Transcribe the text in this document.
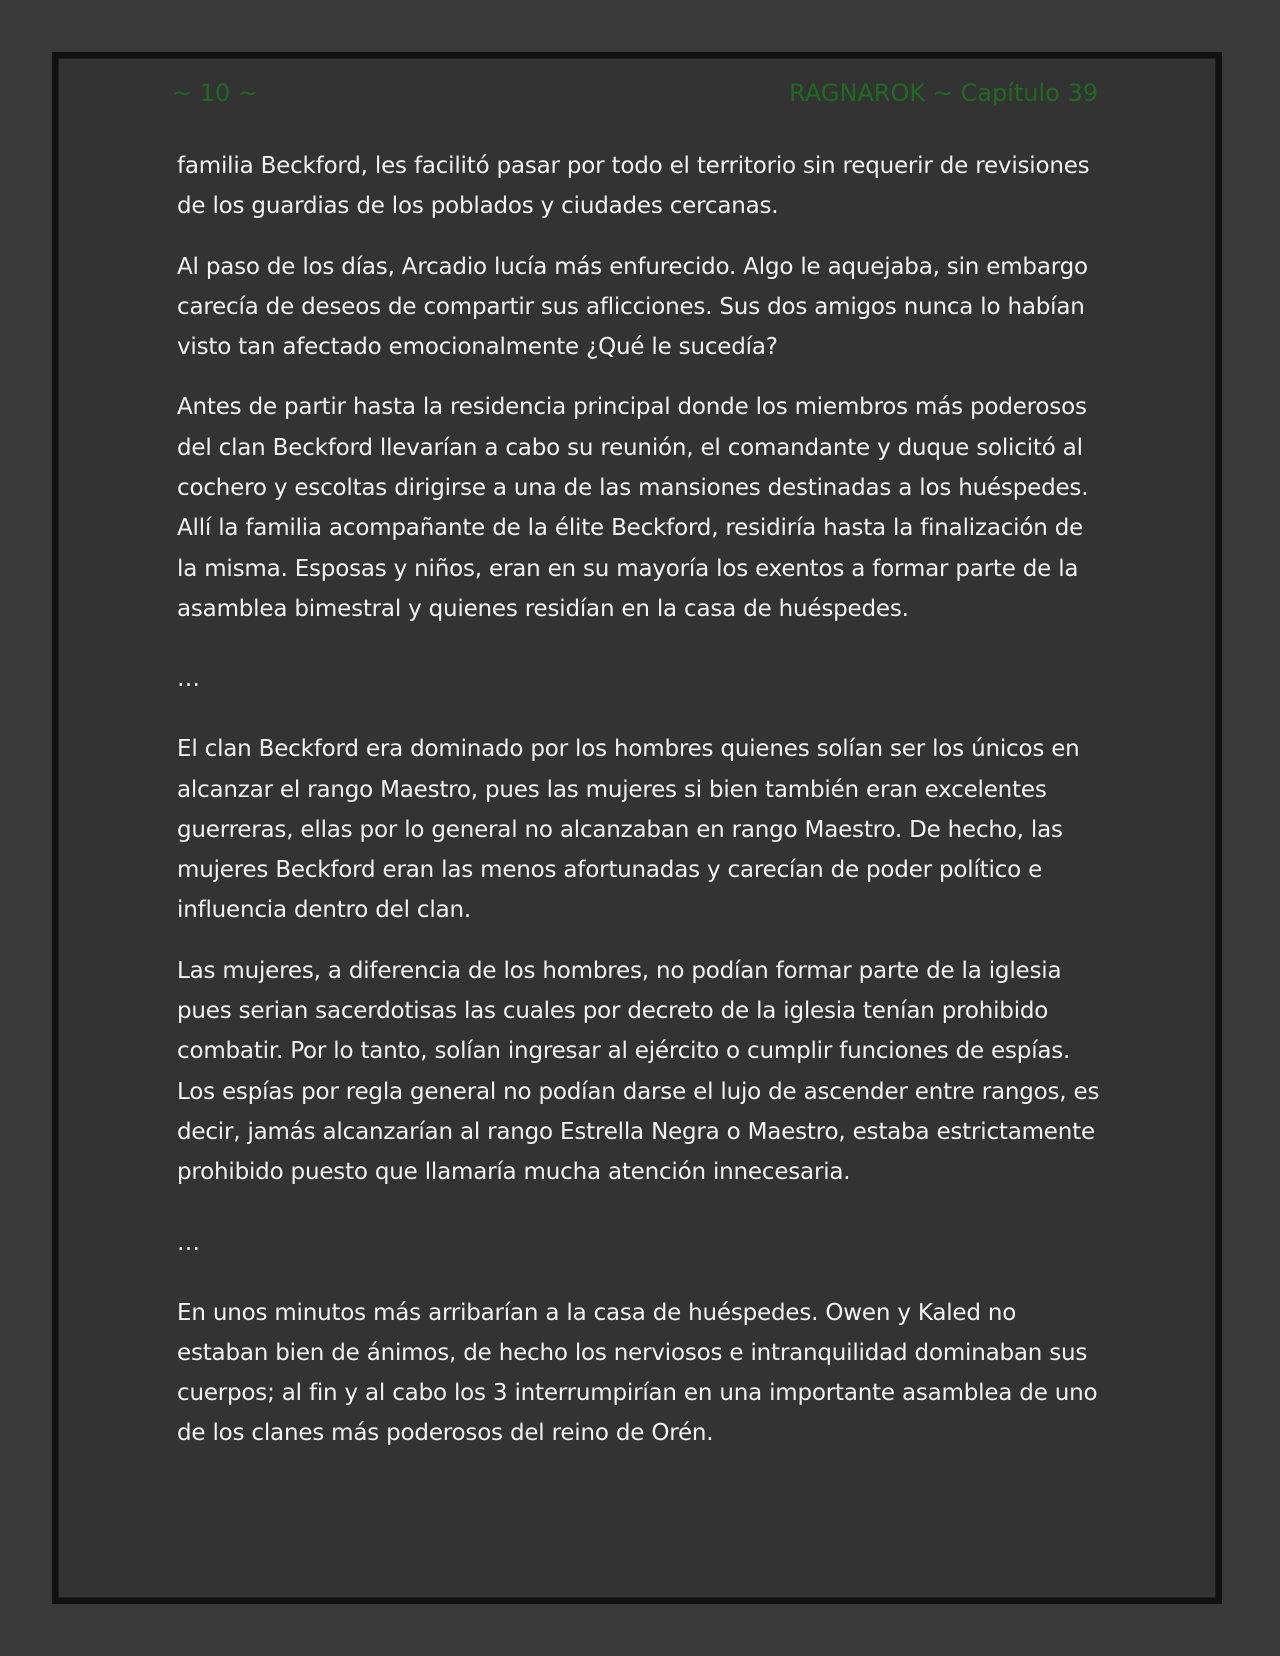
~ 10 ~	RAGNAROK ~ Capítulo 39

familia Beckford, les facilitó pasar por todo el territorio sin requerir de revisiones de los guardias de los poblados y ciudades cercanas.

Al paso de los días, Arcadio lucía más enfurecido. Algo le aquejaba, sin embargo carecía de deseos de compartir sus aflicciones. Sus dos amigos nunca lo habían visto tan afectado emocionalmente ¿Qué le sucedía?

Antes de partir hasta la residencia principal donde los miembros más poderosos del clan Beckford llevarían a cabo su reunión, el comandante y duque solicitó al cochero y escoltas dirigirse a una de las mansiones destinadas a los huéspedes. Allí la familia acompañante de la élite Beckford, residiría hasta la finalización de la misma. Esposas y niños, eran en su mayoría los exentos a formar parte de la asamblea bimestral y quienes residían en la casa de huéspedes.

…

El clan Beckford era dominado por los hombres quienes solían ser los únicos en alcanzar el rango Maestro, pues las mujeres si bien también eran excelentes guerreras, ellas por lo general no alcanzaban en rango Maestro. De hecho, las mujeres Beckford eran las menos afortunadas y carecían de poder político e influencia dentro del clan.

Las mujeres, a diferencia de los hombres, no podían formar parte de la iglesia pues serian sacerdotisas las cuales por decreto de la iglesia tenían prohibido combatir. Por lo tanto, solían ingresar al ejército o cumplir funciones de espías. Los espías por regla general no podían darse el lujo de ascender entre rangos, es decir, jamás alcanzarían al rango Estrella Negra o Maestro, estaba estrictamente prohibido puesto que llamaría mucha atención innecesaria.

…

En unos minutos más arribarían a la casa de huéspedes. Owen y Kaled no estaban bien de ánimos, de hecho los nerviosos e intranquilidad dominaban sus cuerpos; al fin y al cabo los 3 interrumpirían en una importante asamblea de uno de los clanes más poderosos del reino de Orén.
